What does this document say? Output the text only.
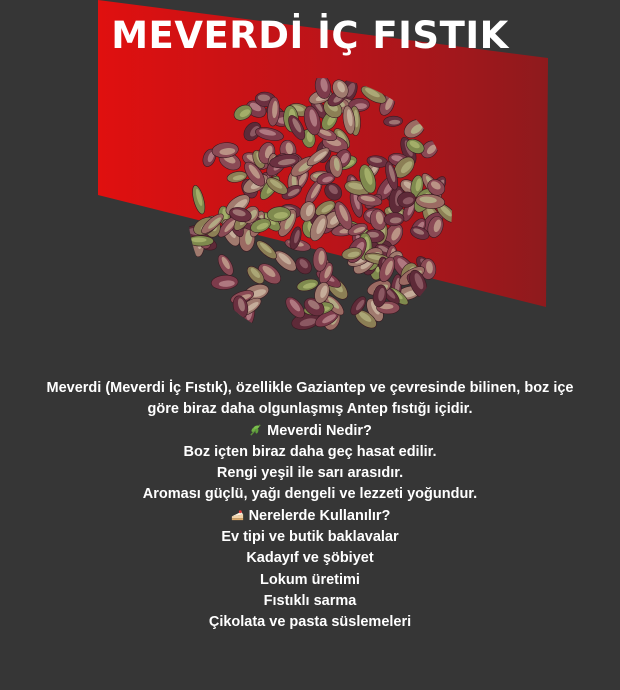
MEVERDİ İÇ FISTIK
Meverdi (Meverdi İç Fıstık), özellikle Gaziantep ve çevresinde bilinen, boz içe
göre biraz daha olgunlaşmış Antep fıstığı içidir.
Meverdi Nedir?
Boz içten biraz daha geç hasat edilir.
Rengi yeşil ile sarı arasıdır.
Aroması güçlü, yağı dengeli ve lezzeti yoğundur.
Nerelerde Kullanılır?
Ev tipi ve butik baklavalar
Kadayıf ve şöbiyet
Lokum üretimi
Fıstıklı sarma
Çikolata ve pasta süslemeleri
